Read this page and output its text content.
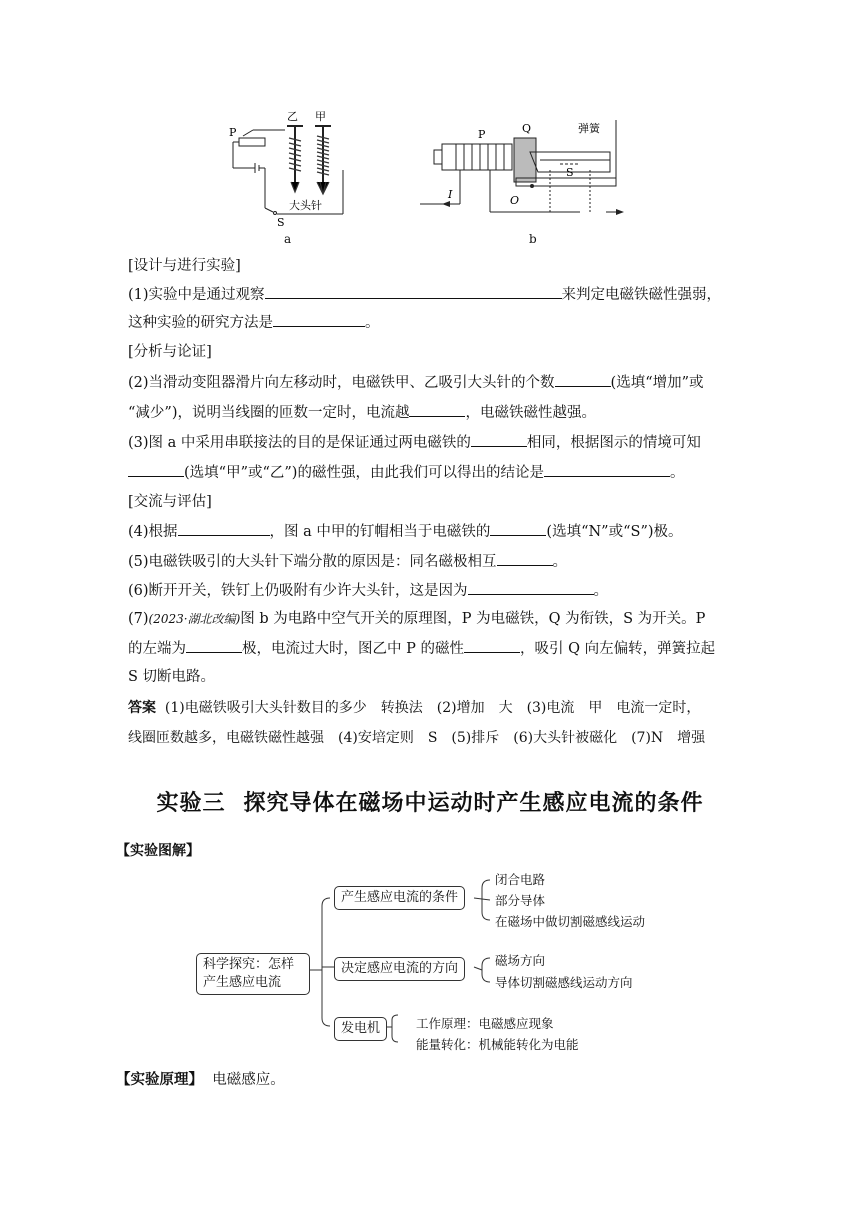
P
乙 甲
大头针
S
a
P	Q	弹簧
S
I	O
b
[设计与进行实验]
(1)实验中是通过观察	来判定电磁铁磁性强弱，
这种实验的研究方法是	。
[分析与论证]
(2)当滑动变阻器滑片向左移动时，电磁铁甲、乙吸引大头针的个数	(选填“增加”或
“减少”)，说明当线圈的匝数一定时，电流越	，电磁铁磁性越强。
(3)图 a 中采用串联接法的目的是保证通过两电磁铁的	相同，根据图示的情境可知
(选填“甲”或“乙”)的磁性强，由此我们可以得出的结论是	。
[交流与评估]
(4)根据	，图 a 中甲的钉帽相当于电磁铁的	(选填“N”或“S”)极。
(5)电磁铁吸引的大头针下端分散的原因是：同名磁极相互	。
(6)断开开关，铁钉上仍吸附有少许大头针，这是因为	。
(7)(2023·湖北改编)图 b 为电路中空气开关的原理图，P 为电磁铁，Q 为衔铁，S 为开关。P
的左端为	极，电流过大时，图乙中 P 的磁性	，吸引 Q 向左偏转，弹簧拉起
S 切断电路。
答案 (1)电磁铁吸引大头针数目的多少　转换法　(2)增加　大　(3)电流　甲　电流一定时，
线圈匝数越多，电磁铁磁性越强　(4)安培定则　S　(5)排斥　(6)大头针被磁化　(7)N　增强
实验三 探究导体在磁场中运动时产生感应电流的条件
【实验图解】
科学探究：怎样
产生感应电流
产生感应电流的条件
决定感应电流的方向
发电机
闭合电路
部分导体
在磁场中做切割磁感线运动
磁场方向
导体切割磁感线运动方向
工作原理：电磁感应现象
能量转化：机械能转化为电能
【实验原理】 电磁感应。
